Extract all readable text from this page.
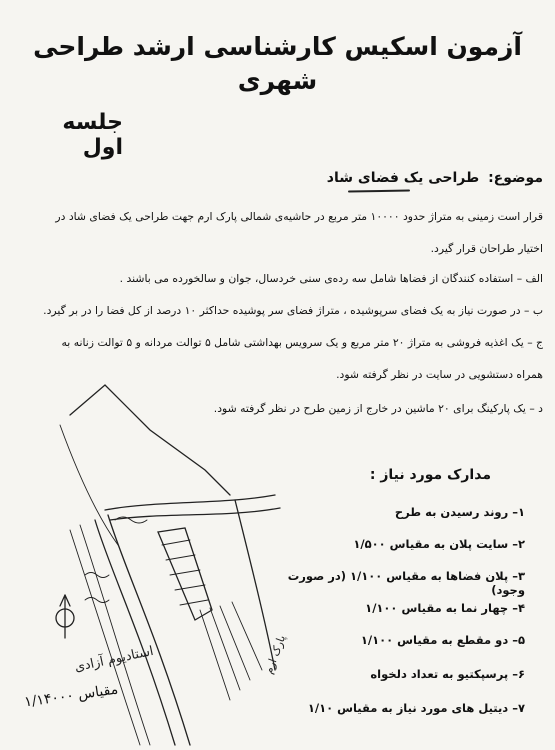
آزمون اسکیس کارشناسی ارشد طراحی شهری
جلسه اول
موضوع: طراحی یک فضای شاد
قرار است زمینی به متراژ حدود ۱۰۰۰۰ متر مربع در حاشیه‌ی شمالی پارک ارم جهت طراحی یک فضای شاد در
اختیار طراحان قرار گیرد.
الف – استفاده کنندگان از فضاها شامل سه رده‌ی سنی خردسال، جوان و سالخورده می باشند .
ب – در صورت نیاز به یک فضای سرپوشیده ، متراژ فضای سر پوشیده حداکثر ۱۰ درصد از کل فضا را در بر گیرد.
ج – یک اغذیه فروشی به متراژ ۲۰ متر مربع و یک سرویس بهداشتی شامل ۵ توالت مردانه و ۵ توالت زنانه به
همراه دستشویی در سایت در نظر گرفته شود.
د – یک پارکینگ برای ۲۰ ماشین در خارج از زمین طرح در نظر گرفته شود.
مدارک مورد نیاز :
۱– روند رسیدن به طرح
۲– سایت پلان به مقیاس ۱/۵۰۰
۳– پلان فضاها به مقیاس ۱/۱۰۰ (در صورت وجود)
۴– چهار نما به مقیاس ۱/۱۰۰
۵– دو مقطع به مقیاس ۱/۱۰۰
۶– پرسپکتیو به تعداد دلخواه
۷– دیتیل های مورد نیاز به مقیاس ۱/۱۰
پارک ارم
استادیوم آزادی
مقیاس ۱/۱۴۰۰۰
